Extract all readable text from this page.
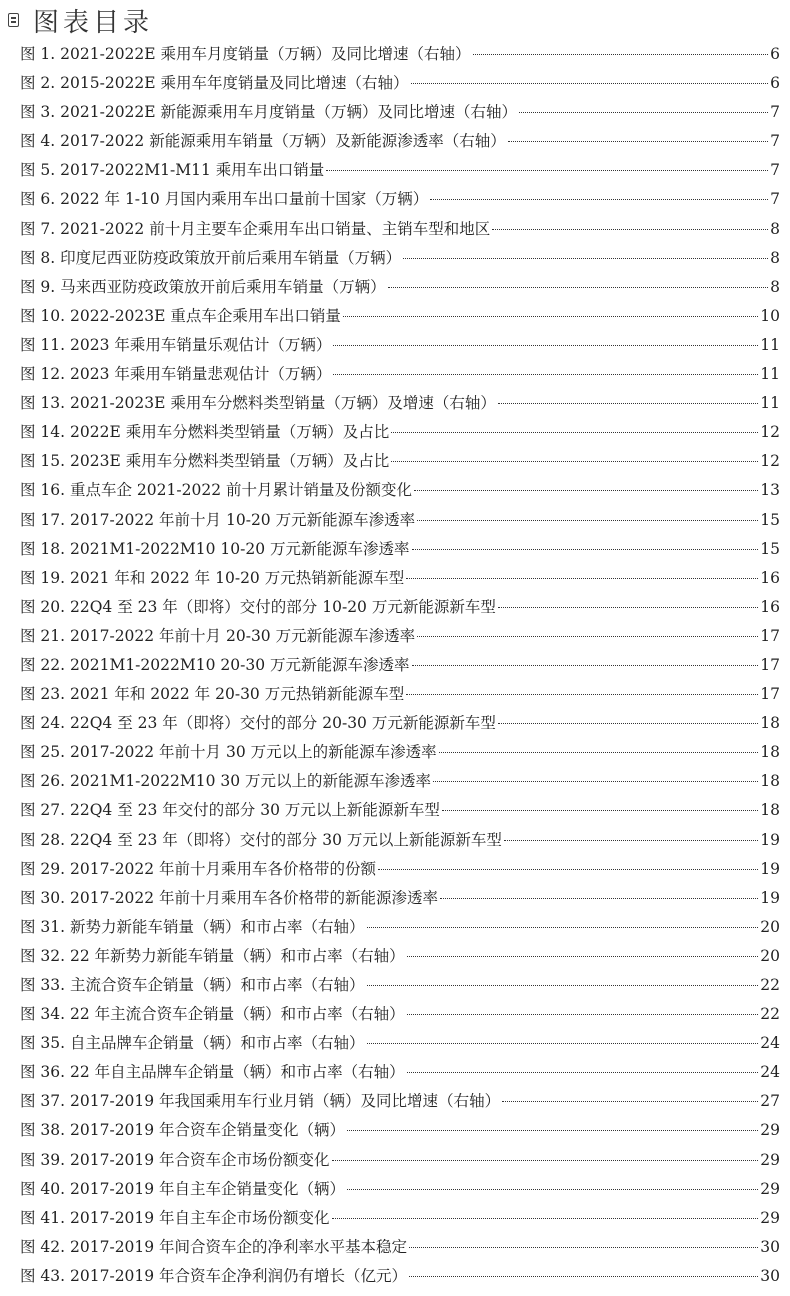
图表目录
图 1. 2021-2022E 乘用车月度销量（万辆）及同比增速（右轴）	6
图 2. 2015-2022E 乘用车年度销量及同比增速（右轴）	6
图 3. 2021-2022E 新能源乘用车月度销量（万辆）及同比增速（右轴）	7
图 4. 2017-2022 新能源乘用车销量（万辆）及新能源渗透率（右轴）	7
图 5. 2017-2022M1-M11 乘用车出口销量	7
图 6. 2022 年 1-10 月国内乘用车出口量前十国家（万辆）	7
图 7. 2021-2022 前十月主要车企乘用车出口销量、主销车型和地区	8
图 8. 印度尼西亚防疫政策放开前后乘用车销量（万辆）	8
图 9. 马来西亚防疫政策放开前后乘用车销量（万辆）	8
图 10. 2022-2023E 重点车企乘用车出口销量	10
图 11. 2023 年乘用车销量乐观估计（万辆）	11
图 12. 2023 年乘用车销量悲观估计（万辆）	11
图 13. 2021-2023E 乘用车分燃料类型销量（万辆）及增速（右轴）	11
图 14. 2022E 乘用车分燃料类型销量（万辆）及占比	12
图 15. 2023E 乘用车分燃料类型销量（万辆）及占比	12
图 16. 重点车企 2021-2022 前十月累计销量及份额变化	13
图 17. 2017-2022 年前十月 10-20 万元新能源车渗透率	15
图 18. 2021M1-2022M10 10-20 万元新能源车渗透率	15
图 19. 2021 年和 2022 年 10-20 万元热销新能源车型	16
图 20. 22Q4 至 23 年（即将）交付的部分 10-20 万元新能源新车型	16
图 21. 2017-2022 年前十月 20-30 万元新能源车渗透率	17
图 22. 2021M1-2022M10 20-30 万元新能源车渗透率	17
图 23. 2021 年和 2022 年 20-30 万元热销新能源车型	17
图 24. 22Q4 至 23 年（即将）交付的部分 20-30 万元新能源新车型	18
图 25. 2017-2022 年前十月 30 万元以上的新能源车渗透率	18
图 26. 2021M1-2022M10 30 万元以上的新能源车渗透率	18
图 27. 22Q4 至 23 年交付的部分 30 万元以上新能源新车型	18
图 28. 22Q4 至 23 年（即将）交付的部分 30 万元以上新能源新车型	19
图 29. 2017-2022 年前十月乘用车各价格带的份额	19
图 30. 2017-2022 年前十月乘用车各价格带的新能源渗透率	19
图 31. 新势力新能车销量（辆）和市占率（右轴）	20
图 32. 22 年新势力新能车销量（辆）和市占率（右轴）	20
图 33. 主流合资车企销量（辆）和市占率（右轴）	22
图 34. 22 年主流合资车企销量（辆）和市占率（右轴）	22
图 35. 自主品牌车企销量（辆）和市占率（右轴）	24
图 36. 22 年自主品牌车企销量（辆）和市占率（右轴）	24
图 37. 2017-2019 年我国乘用车行业月销（辆）及同比增速（右轴）	27
图 38. 2017-2019 年合资车企销量变化（辆）	29
图 39. 2017-2019 年合资车企市场份额变化	29
图 40. 2017-2019 年自主车企销量变化（辆）	29
图 41. 2017-2019 年自主车企市场份额变化	29
图 42. 2017-2019 年间合资车企的净利率水平基本稳定	30
图 43. 2017-2019 年合资车企净利润仍有增长（亿元）	30
